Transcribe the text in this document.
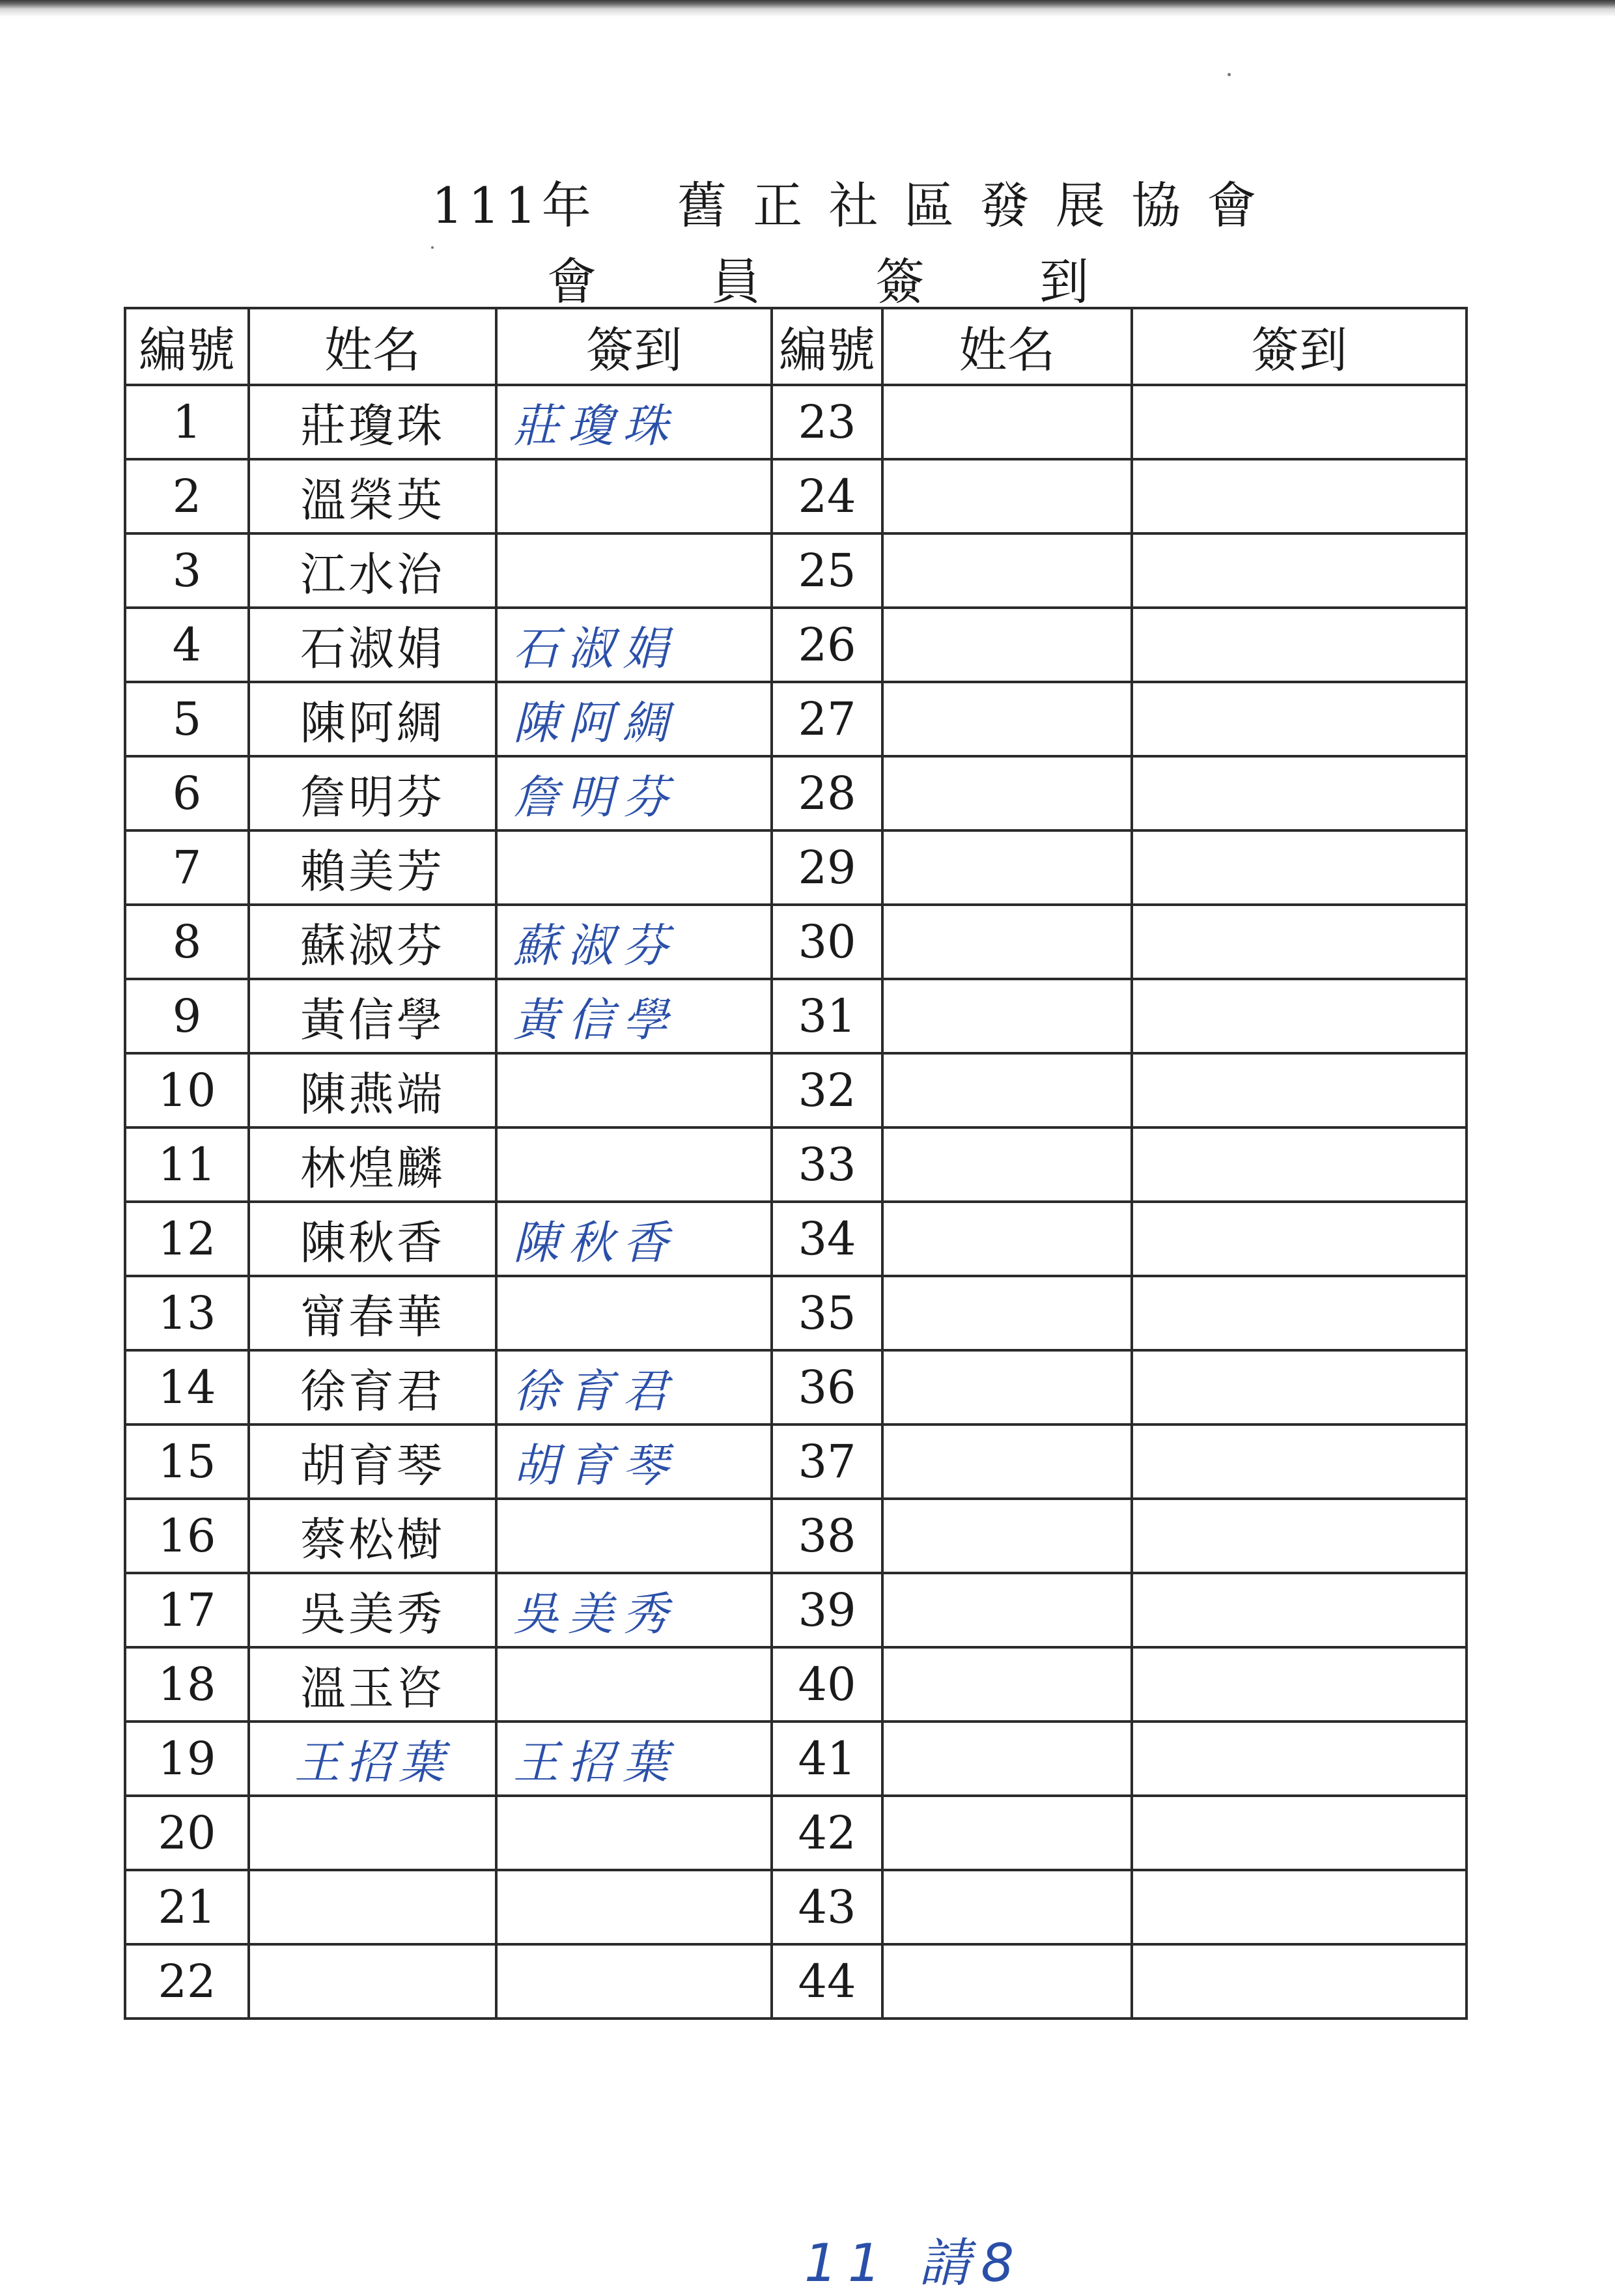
111年 舊 正 社 區 發 展 協 會
會　　員　　簽　　到
編號	姓名	簽到	編號	姓名	簽到
1	莊瓊珠	莊瓊珠	23		
2	溫榮英		24		
3	江水治		25		
4	石淑娟	石淑娟	26		
5	陳阿綢	陳阿綢	27		
6	詹明芬	詹明芬	28		
7	賴美芳		29		
8	蘇淑芬	蘇淑芬	30		
9	黃信學	黃信學	31		
10	陳燕端		32		
11	林煌麟		33		
12	陳秋香	陳秋香	34		
13	甯春華		35		
14	徐育君	徐育君	36		
15	胡育琴	胡育琴	37		
16	蔡松樹		38		
17	吳美秀	吳美秀	39		
18	溫玉咨		40		
19	王招葉	王招葉	41		
20			42		
21			43		
22			44		
11 請8
